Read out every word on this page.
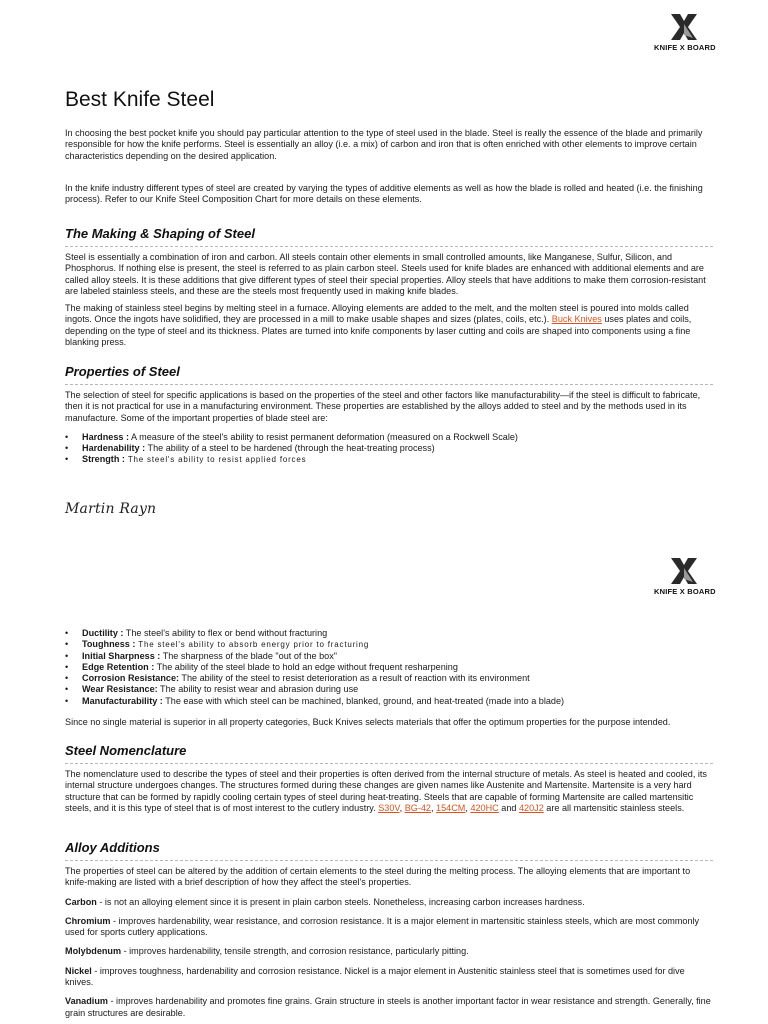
KNIFE X BOARD
Best Knife Steel

In choosing the best pocket knife you should pay particular attention to the type of steel used in the blade. Steel is really the essence of the blade and primarily responsible for how the knife performs. Steel is essentially an alloy (i.e. a mix) of carbon and iron that is often enriched with other elements to improve certain characteristics depending on the desired application.

In the knife industry different types of steel are created by varying the types of additive elements as well as how the blade is rolled and heated (i.e. the finishing process). Refer to our Knife Steel Composition Chart for more details on these elements.

The Making & Shaping of Steel

Steel is essentially a combination of iron and carbon. All steels contain other elements in small controlled amounts, like Manganese, Sulfur, Silicon, and Phosphorus. If nothing else is present, the steel is referred to as plain carbon steel. Steels used for knife blades are enhanced with additional elements and are called alloy steels. It is these additions that give different types of steel their special properties. Alloy steels that have additions to make them corrosion-resistant are labeled stainless steels, and these are the steels most frequently used in making knife blades.

The making of stainless steel begins by melting steel in a furnace. Alloying elements are added to the melt, and the molten steel is poured into molds called ingots. Once the ingots have solidified, they are processed in a mill to make usable shapes and sizes (plates, coils, etc.). Buck Knives uses plates and coils, depending on the type of steel and its thickness. Plates are turned into knife components by laser cutting and coils are shaped into components using a fine blanking press.

Properties of Steel

The selection of steel for specific applications is based on the properties of the steel and other factors like manufacturability—if the steel is difficult to fabricate, then it is not practical for use in a manufacturing environment. These properties are established by the alloys added to steel and by the methods used in its manufacture. Some of the important properties of blade steel are:

• Hardness : A measure of the steel's ability to resist permanent deformation (measured on a Rockwell Scale)
• Hardenability : The ability of a steel to be hardened (through the heat-treating process)
• Strength : The steel's ability to resist applied forces
Martin Rayn
KNIFE X BOARD
• Ductility : The steel's ability to flex or bend without fracturing
• Toughness : The steel's ability to absorb energy prior to fracturing
• Initial Sharpness : The sharpness of the blade "out of the box"
• Edge Retention : The ability of the steel blade to hold an edge without frequent resharpening
• Corrosion Resistance: The ability of the steel to resist deterioration as a result of reaction with its environment
• Wear Resistance: The ability to resist wear and abrasion during use
• Manufacturability : The ease with which steel can be machined, blanked, ground, and heat-treated (made into a blade)

Since no single material is superior in all property categories, Buck Knives selects materials that offer the optimum properties for the purpose intended.

Steel Nomenclature

The nomenclature used to describe the types of steel and their properties is often derived from the internal structure of metals. As steel is heated and cooled, its internal structure undergoes changes. The structures formed during these changes are given names like Austenite and Martensite. Martensite is a very hard structure that can be formed by rapidly cooling certain types of steel during heat-treating. Steels that are capable of forming Martensite are called martensitic steels, and it is this type of steel that is of most interest to the cutlery industry. S30V, BG-42, 154CM, 420HC and 420J2 are all martensitic stainless steels.

Alloy Additions

The properties of steel can be altered by the addition of certain elements to the steel during the melting process. The alloying elements that are important to knife-making are listed with a brief description of how they affect the steel's properties.

Carbon - is not an alloying element since it is present in plain carbon steels. Nonetheless, increasing carbon increases hardness.

Chromium - improves hardenability, wear resistance, and corrosion resistance. It is a major element in martensitic stainless steels, which are most commonly used for sports cutlery applications.

Molybdenum - improves hardenability, tensile strength, and corrosion resistance, particularly pitting.

Nickel - improves toughness, hardenability and corrosion resistance. Nickel is a major element in Austenitic stainless steel that is sometimes used for dive knives.

Vanadium - improves hardenability and promotes fine grains. Grain structure in steels is another important factor in wear resistance and strength. Generally, fine grain structures are desirable.
